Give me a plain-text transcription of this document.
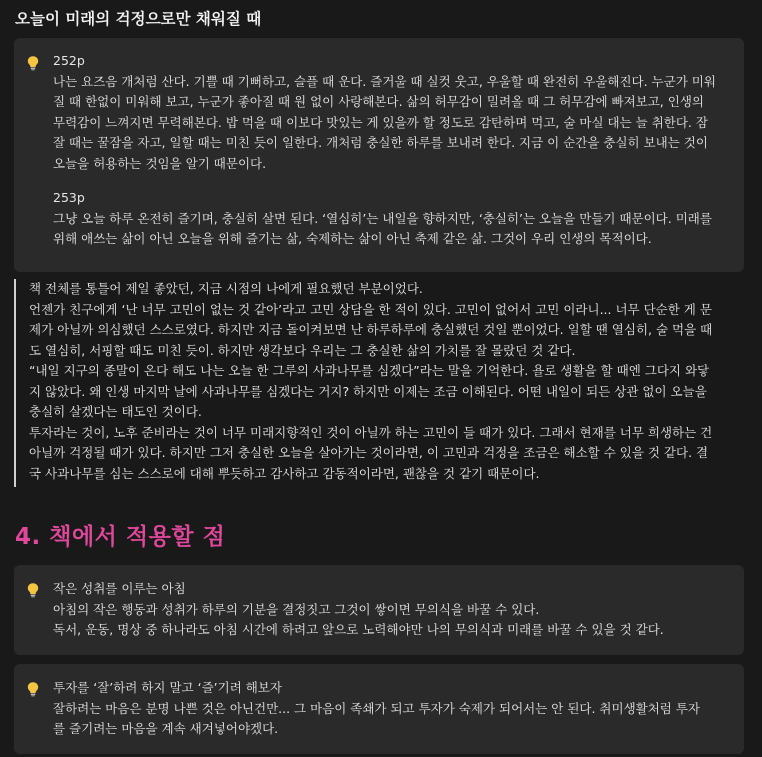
오늘이 미래의 걱정으로만 채워질 때
252p
나는 요즈음 개처럼 산다. 기쁠 때 기뻐하고, 슬플 때 운다. 즐거울 때 실컷 웃고, 우울할 때 완전히 우울해진다. 누군가 미워
질 때 한없이 미워해 보고, 누군가 좋아질 때 원 없이 사랑해본다. 삶의 허무감이 밀려올 때 그 허무감에 빠져보고, 인생의
무력감이 느껴지면 무력해본다. 밥 먹을 때 이보다 맛있는 게 있을까 할 정도로 감탄하며 먹고, 술 마실 대는 늘 취한다. 잠
잘 때는 꿀잠을 자고, 일할 때는 미친 듯이 일한다. 개처럼 충실한 하루를 보내려 한다. 지금 이 순간을 충실히 보내는 것이
오늘을 허용하는 것임을 알기 때문이다.
253p
그냥 오늘 하루 온전히 즐기며, 충실히 살면 된다. ‘열심히’는 내일을 향하지만, ‘충실히’는 오늘을 만들기 때문이다. 미래를
위해 애쓰는 삶이 아닌 오늘을 위해 즐기는 삶, 숙제하는 삶이 아닌 축제 같은 삶. 그것이 우리 인생의 목적이다.
책 전체를 통틀어 제일 좋았던, 지금 시점의 나에게 필요했던 부분이었다.
언젠가 친구에게 ‘난 너무 고민이 없는 것 같아’라고 고민 상담을 한 적이 있다. 고민이 없어서 고민 이라니... 너무 단순한 게 문
제가 아닐까 의심했던 스스로였다. 하지만 지금 돌이켜보면 난 하루하루에 충실했던 것일 뿐이었다. 일할 땐 열심히, 술 먹을 때
도 열심히, 서핑할 때도 미친 듯이. 하지만 생각보다 우리는 그 충실한 삶의 가치를 잘 몰랐던 것 같다.
“내일 지구의 종말이 온다 해도 나는 오늘 한 그루의 사과나무를 심겠다”라는 말을 기억한다. 욜로 생활을 할 때엔 그다지 와닿
지 않았다. 왜 인생 마지막 날에 사과나무를 심겠다는 거지? 하지만 이제는 조금 이해된다. 어떤 내일이 되든 상관 없이 오늘을
충실히 살겠다는 태도인 것이다.
투자라는 것이, 노후 준비라는 것이 너무 미래지향적인 것이 아닐까 하는 고민이 들 때가 있다. 그래서 현재를 너무 희생하는 건
아닐까 걱정될 때가 있다. 하지만 그저 충실한 오늘을 살아가는 것이라면, 이 고민과 걱정을 조금은 해소할 수 있을 것 같다. 결
국 사과나무를 심는 스스로에 대해 뿌듯하고 감사하고 감동적이라면, 괜찮을 것 같기 때문이다.
4. 책에서 적용할 점
작은 성취를 이루는 아침
아침의 작은 행동과 성취가 하루의 기분을 결정짓고 그것이 쌓이면 무의식을 바꿀 수 있다.
독서, 운동, 명상 중 하나라도 아침 시간에 하려고 앞으로 노력해야만 나의 무의식과 미래를 바꿀 수 있을 것 같다.
투자를 ‘잘’하려 하지 말고 ‘즐’기려 해보자
잘하려는 마음은 분명 나쁜 것은 아닌건만... 그 마음이 족쇄가 되고 투자가 숙제가 되어서는 안 된다. 취미생활처럼 투자
를 즐기려는 마음을 계속 새겨넣어야겠다.
